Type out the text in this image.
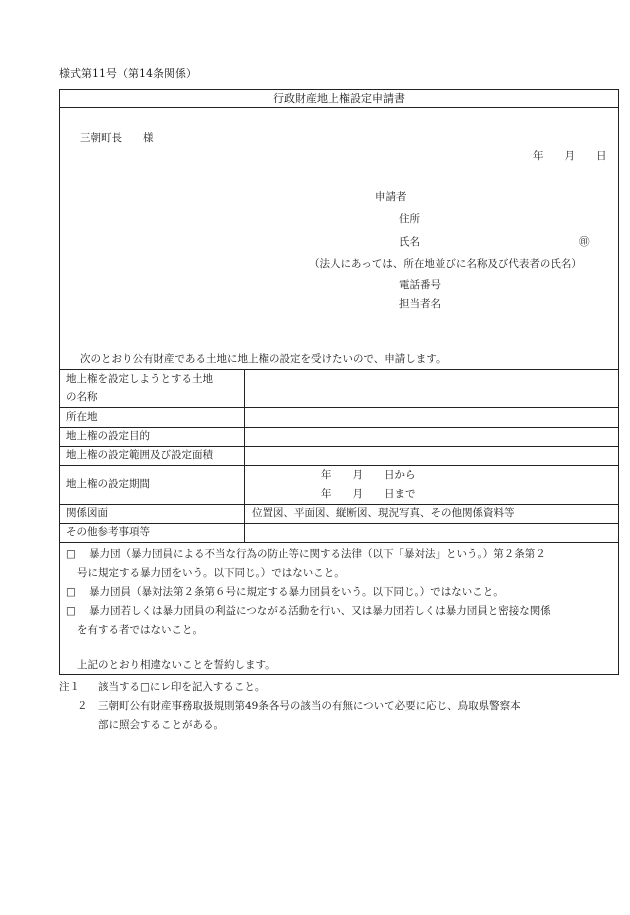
様式第11号（第14条関係）
行政財産地上権設定申請書
三朝町長　　様
年　　月　　日
申請者
住所
氏名	㊞
（法人にあっては、所在地並びに名称及び代表者の氏名）
電話番号
担当者名
次のとおり公有財産である土地に地上権の設定を受けたいので、申請します。
地上権を設定しようとする土地
の名称
所在地
地上権の設定目的
地上権の設定範囲及び設定面積
地上権の設定期間
年　　月　　日から
年　　月　　日まで
関係図面	位置図、平面図、縦断図、現況写真、その他関係資料等
その他参考事項等
□ 暴力団（暴力団員による不当な行為の防止等に関する法律（以下「暴対法」という。）第２条第２
号に規定する暴力団をいう。以下同じ。）ではないこと。
□ 暴力団員（暴対法第２条第６号に規定する暴力団員をいう。以下同じ。）ではないこと。
□ 暴力団若しくは暴力団員の利益につながる活動を行い、又は暴力団若しくは暴力団員と密接な関係
を有する者ではないこと。
上記のとおり相違ないことを誓約します。
注１ 該当する□にレ印を記入すること。
２ 三朝町公有財産事務取扱規則第49条各号の該当の有無について必要に応じ、鳥取県警察本
部に照会することがある。
